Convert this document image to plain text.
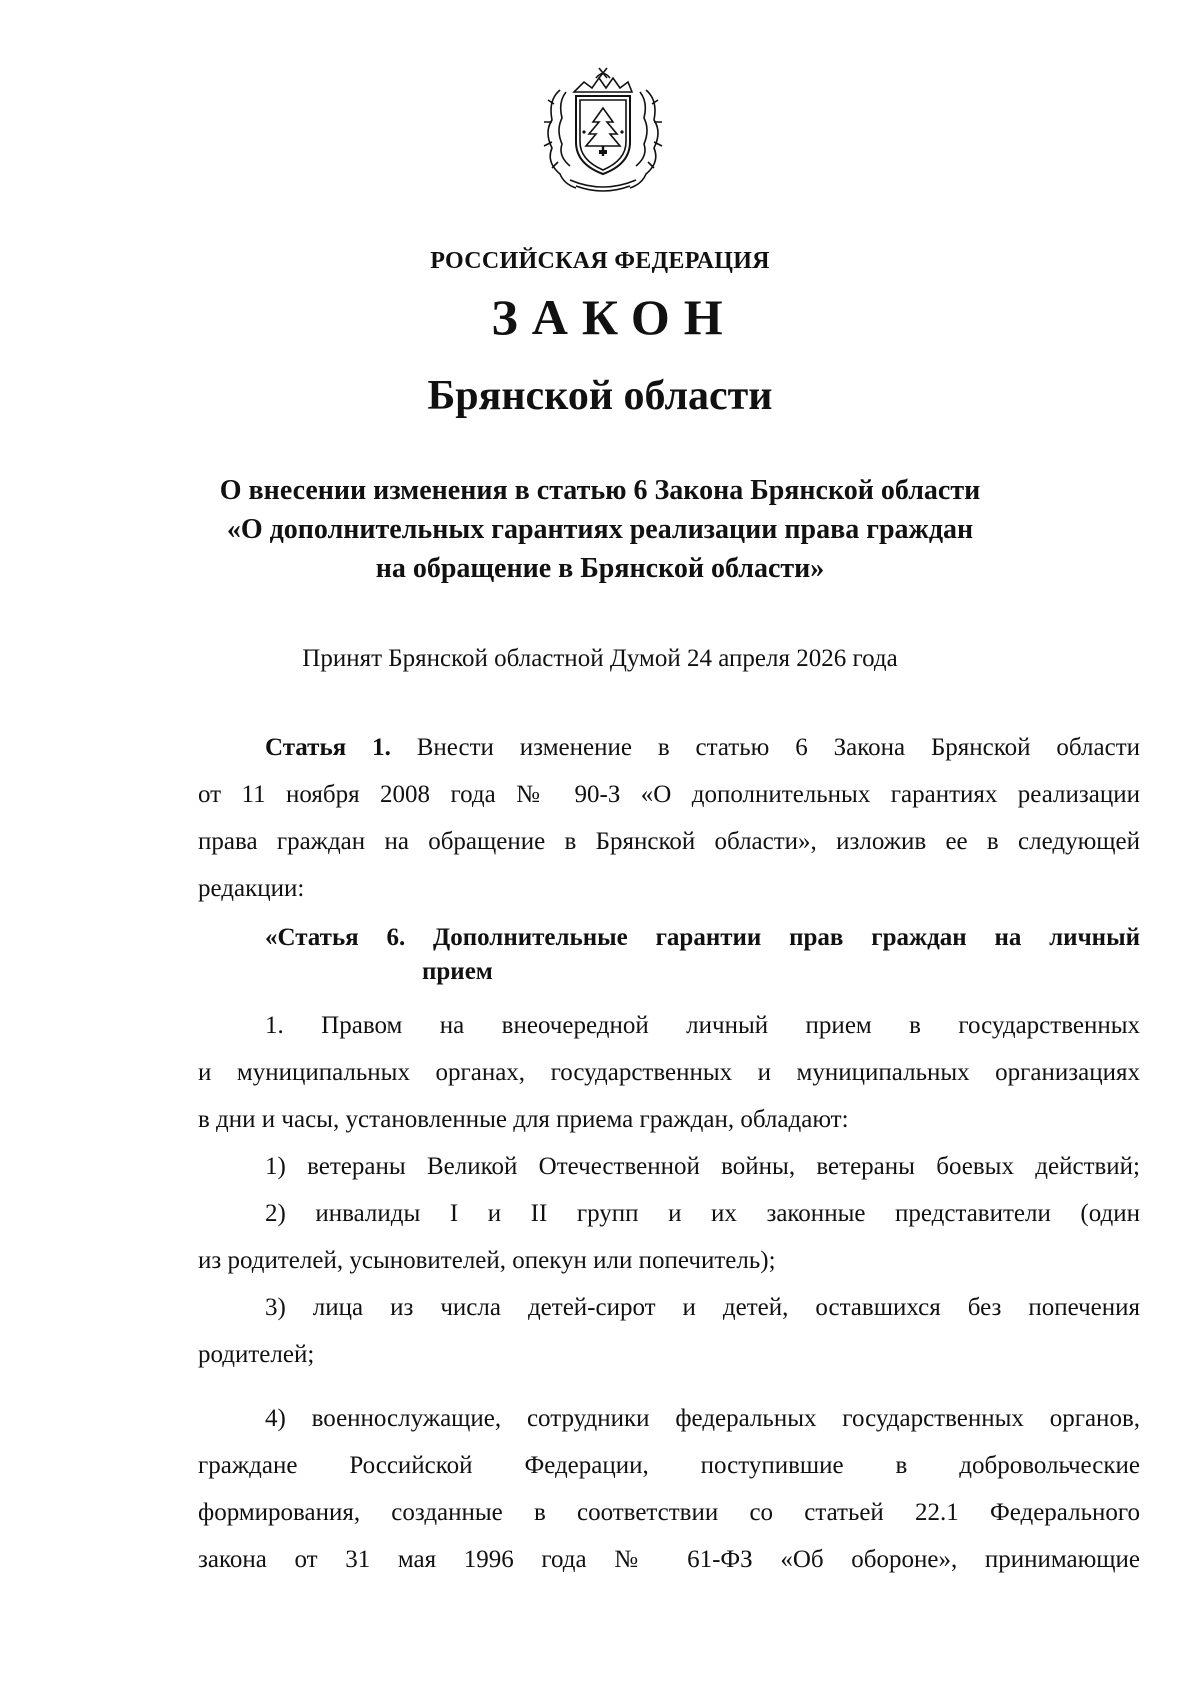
РОССИЙСКАЯ ФЕДЕРАЦИЯ
ЗАКОН
Брянской области
О внесении изменения в статью 6 Закона Брянской области
«О дополнительных гарантиях реализации права граждан
на обращение в Брянской области»
Принят Брянской областной Думой 24 апреля 2026 года
Статья 1. Внести изменение в статью 6 Закона Брянской области
от 11 ноября 2008 года № 90-З «О дополнительных гарантиях реализации
права граждан на обращение в Брянской области», изложив ее в следующей
редакции:
«Статья 6. Дополнительные гарантии прав граждан на личный
прием
1. Правом на внеочередной личный прием в государственных
и муниципальных органах, государственных и муниципальных организациях
в дни и часы, установленные для приема граждан, обладают:
1) ветераны Великой Отечественной войны, ветераны боевых действий;
2) инвалиды I и II групп и их законные представители (один
из родителей, усыновителей, опекун или попечитель);
3) лица из числа детей-сирот и детей, оставшихся без попечения
родителей;
4) военнослужащие, сотрудники федеральных государственных органов,
граждане Российской Федерации, поступившие в добровольческие
формирования, созданные в соответствии со статьей 22.1 Федерального
закона от 31 мая 1996 года № 61-ФЗ «Об обороне», принимающие
